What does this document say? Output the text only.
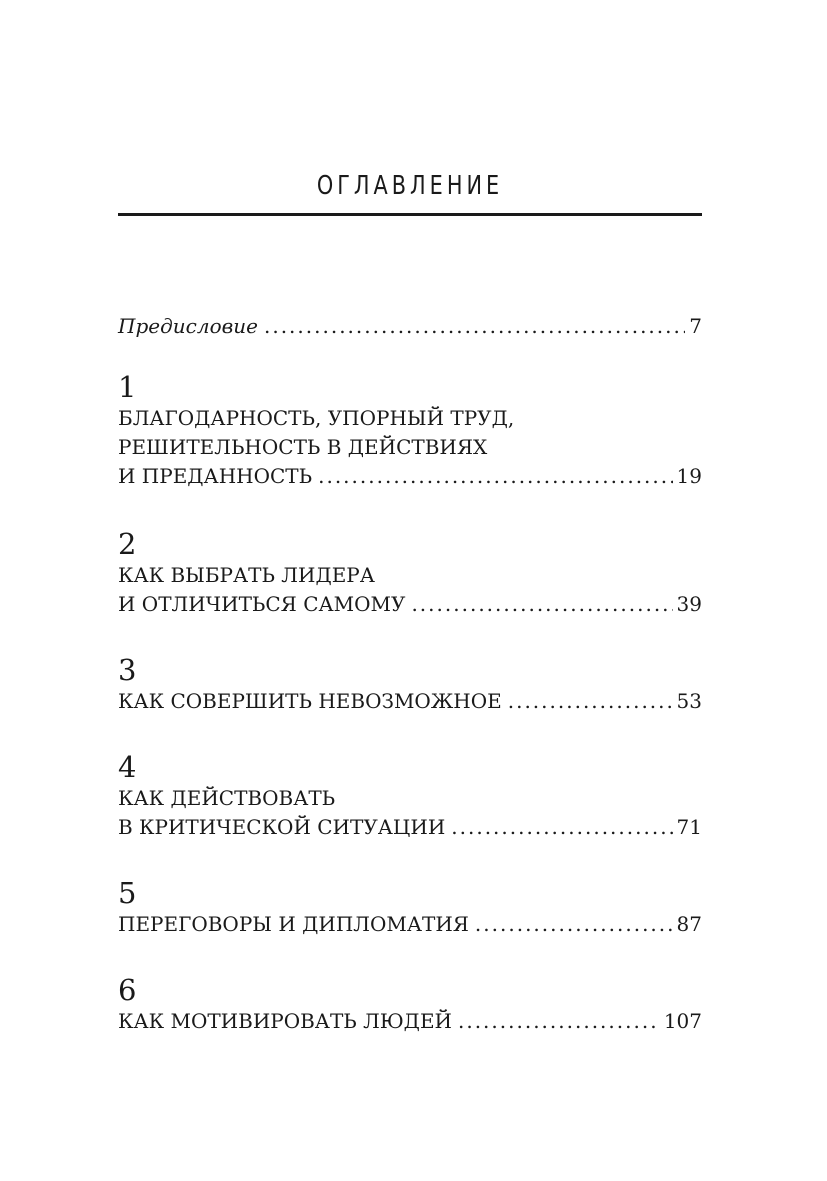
ОГЛАВЛЕНИЕ
Предисловие .....	7

1

БЛАГОДАРНОСТЬ, УПОРНЫЙ ТРУД,
РЕШИТЕЛЬНОСТЬ В ДЕЙСТВИЯХ
И ПРЕДАННОСТЬ .....	19

2

КАК ВЫБРАТЬ ЛИДЕРА
И ОТЛИЧИТЬСЯ САМОМУ .....	39

3

КАК СОВЕРШИТЬ НЕВОЗМОЖНОЕ .....	53

4

КАК ДЕЙСТВОВАТЬ
В КРИТИЧЕСКОЙ СИТУАЦИИ .....	71

5

ПЕРЕГОВОРЫ И ДИПЛОМАТИЯ .....	87

6

КАК МОТИВИРОВАТЬ ЛЮДЕЙ .....	107
